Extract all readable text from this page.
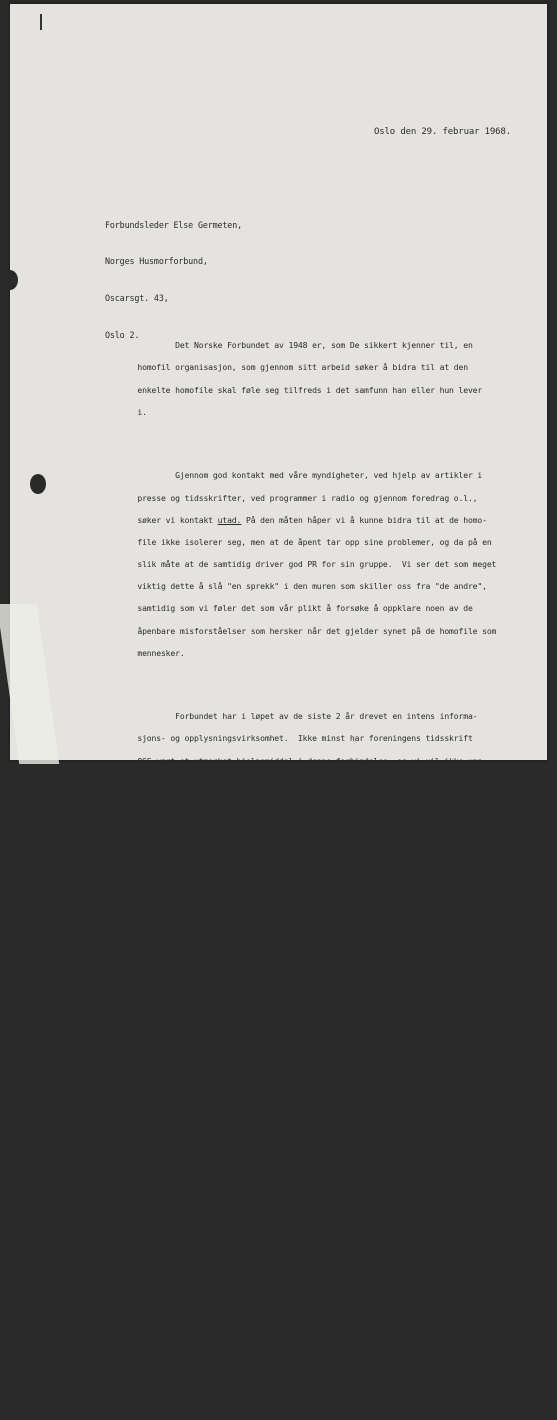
Oslo den 29. februar 1968.

Forbundsleder Else Germeten,

Norges Husmorforbund,

Oscarsgt. 43,

Oslo 2.

Det Norske Forbundet av 1948 er, som De sikkert kjenner til, en

homofil organisasjon, som gjennom sitt arbeid søker å bidra til at den

enkelte homofile skal føle seg tilfreds i det samfunn han eller hun lever

i.

Gjennom god kontakt med våre myndigheter, ved hjelp av artikler i

presse og tidsskrifter, ved programmer i radio og gjennom foredrag o.l.,

søker vi kontakt utad. På den måten håper vi å kunne bidra til at de homo-

file ikke isolerer seg, men at de åpent tar opp sine problemer, og da på en

slik måte at de samtidig driver god PR for sin gruppe.  Vi ser det som meget

viktig dette å slå "en sprekk" i den muren som skiller oss fra "de andre",

samtidig som vi føler det som vår plikt å forsøke å oppklare noen av de

åpenbare misforståelser som hersker når det gjelder synet på de homofile som

mennesker.

Forbundet har i løpet av de siste 2 år drevet en intens informa-

sjons- og opplysningsvirksomhet.  Ikke minst har foreningens tidsskrift

OSS vært et utmerket hjelpemiddel i denne forbindelse, og vi vil ikke unn-

late å nevne at bladet har fått god pressesmtale såvel som den beste an-

befaling fra sakkyndig hold.  En rekke kjente personer, deriblant domprost

Per Lønning, sokneprest Sverre Riisøen, universitetslektor Leif Braaten,

forfatteren Finn Carling, lege Knut Wereide, samt utenlandske sakkyndige

har bidratt med artikler o.a. til hjelp for oss i vårt arbeid.

Ved siden av det informasjonsarbeid som har foregått gjennom OSS,

har Forbundet hatt et meget godt samarbeid med Oslo Kommunal og Sosialskole

og Trondheim Kommunal og Sosialskole.  Foreningen har vært behjelpelig med

stoff og har arrangert gruppesammenkomster for sosialskoleelever og homofile

av begge kjønn i forbindelse med en rekke elevers avsluttende hovedoppgave

om "De homofile".  Vi har likeledes hatt et intimt samarbeid med Institutt

for Samfunnsforskning, og bidrog i fjor med kr. 3.000 til den Gallupunder-

søkelse blant homofile som ble iverksatt på initiativ av og under ledelse

av cand.psychol Arnold Havelin, og som om kort tid vil bli offentliggjort.

Medlemmer av styret i Forbundet har vært til stede i studentfor-

eninger som har tatt opp de homofile og deres problemer til drøftelse, og

vi tror at denne personlige kontakt mellom de homofile og andre grupper av

samfunnet, er av den største verdi for begge parter.

Vi vil også gjerne nevne for Dem at foreningen hvert år arrangerer

foredragskvelder, og at den rundebordsdebatt - "§ 213 - Bør den oppheves?" -

som fant sted 4 november i fjor (og som vi tillater oss å vedlegge et sten-

silert referat fra) må betegnes som meget vellykket.
